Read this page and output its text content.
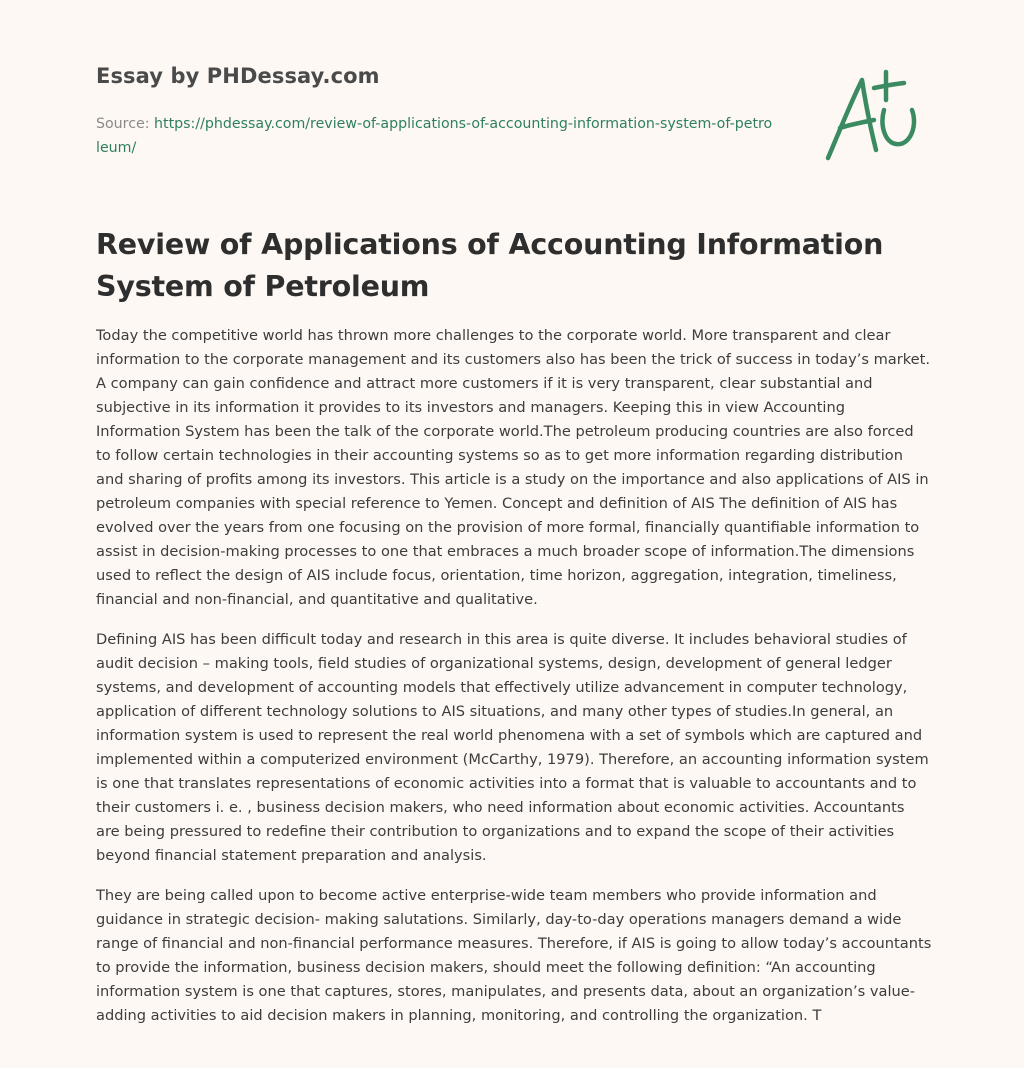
Essay by PHDessay.com
Source: https://phdessay.com/review-of-applications-of-accounting-information-system-of-petroleum/
Review of Applications of Accounting Information System of Petroleum

Today the competitive world has thrown more challenges to the corporate world. More transparent and clear information to the corporate management and its customers also has been the trick of success in today’s market. A company can gain confidence and attract more customers if it is very transparent, clear substantial and subjective in its information it provides to its investors and managers. Keeping this in view Accounting Information System has been the talk of the corporate world.The petroleum producing countries are also forced to follow certain technologies in their accounting systems so as to get more information regarding distribution and sharing of profits among its investors. This article is a study on the importance and also applications of AIS in petroleum companies with special reference to Yemen. Concept and definition of AIS The definition of AIS has evolved over the years from one focusing on the provision of more formal, financially quantifiable information to assist in decision-making processes to one that embraces a much broader scope of information.The dimensions used to reflect the design of AIS include focus, orientation, time horizon, aggregation, integration, timeliness, financial and non-financial, and quantitative and qualitative.

Defining AIS has been difficult today and research in this area is quite diverse. It includes behavioral studies of audit decision – making tools, field studies of organizational systems, design, development of general ledger systems, and development of accounting models that effectively utilize advancement in computer technology, application of different technology solutions to AIS situations, and many other types of studies.In general, an information system is used to represent the real world phenomena with a set of symbols which are captured and implemented within a computerized environment (McCarthy, 1979). Therefore, an accounting information system is one that translates representations of economic activities into a format that is valuable to accountants and to their customers i. e. , business decision makers, who need information about economic activities. Accountants are being pressured to redefine their contribution to organizations and to expand the scope of their activities beyond financial statement preparation and analysis.

They are being called upon to become active enterprise-wide team members who provide information and guidance in strategic decision- making salutations. Similarly, day-to-day operations managers demand a wide range of financial and non-financial performance measures. Therefore, if AIS is going to allow today’s accountants to provide the information, business decision makers, should meet the following definition: “An accounting information system is one that captures, stores, manipulates, and presents data, about an organization’s value-adding activities to aid decision makers in planning, monitoring, and controlling the organization. T
